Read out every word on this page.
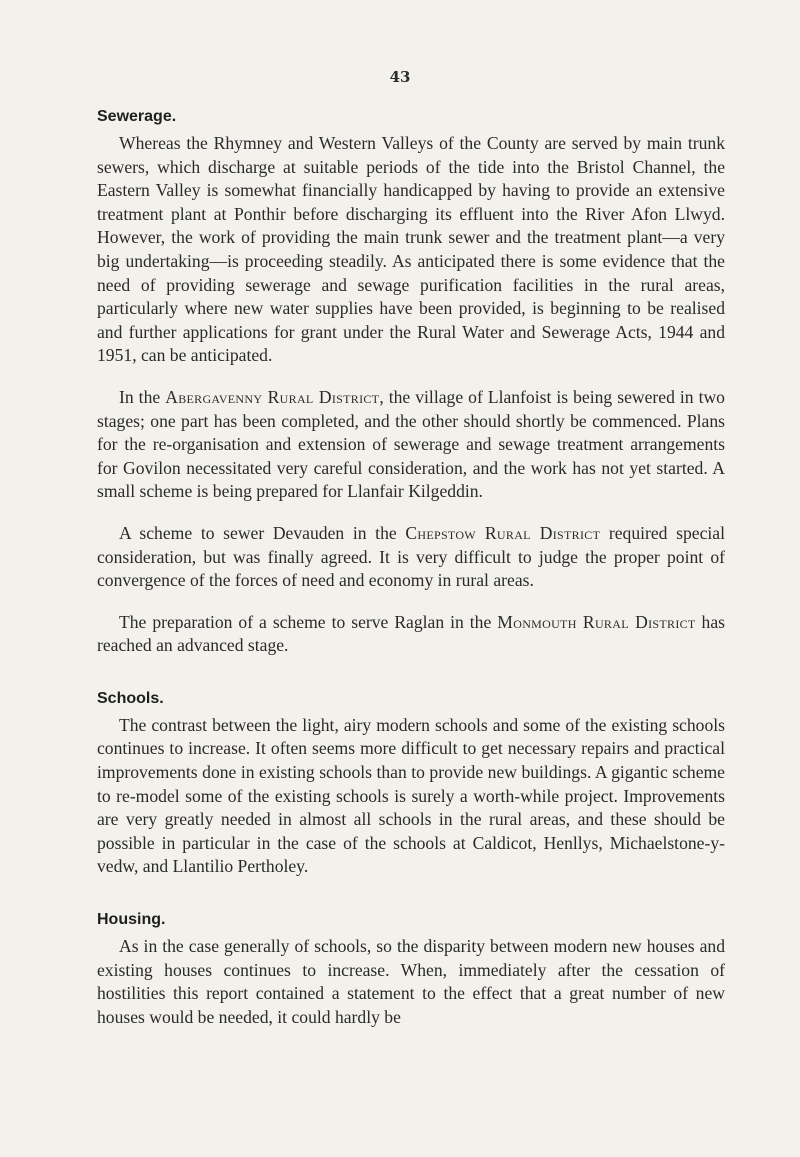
43
Sewerage.

Whereas the Rhymney and Western Valleys of the County are served by main trunk sewers, which discharge at suitable periods of the tide into the Bristol Channel, the Eastern Valley is somewhat financially handicapped by having to provide an extensive treatment plant at Ponthir before discharging its effluent into the River Afon Llwyd. However, the work of providing the main trunk sewer and the treatment plant—a very big undertaking—is proceeding steadily. As anticipated there is some evidence that the need of providing sewerage and sewage purification facilities in the rural areas, particularly where new water supplies have been provided, is beginning to be realised and further applications for grant under the Rural Water and Sewerage Acts, 1944 and 1951, can be anticipated.

In the Abergavenny Rural District, the village of Llanfoist is being sewered in two stages; one part has been completed, and the other should shortly be commenced. Plans for the re-organisation and extension of sewerage and sewage treatment arrangements for Govilon necessitated very careful consideration, and the work has not yet started. A small scheme is being prepared for Llanfair Kilgeddin.

A scheme to sewer Devauden in the Chepstow Rural District required special consideration, but was finally agreed. It is very difficult to judge the proper point of convergence of the forces of need and economy in rural areas.

The preparation of a scheme to serve Raglan in the Monmouth Rural District has reached an advanced stage.

Schools.

The contrast between the light, airy modern schools and some of the existing schools continues to increase. It often seems more difficult to get necessary repairs and practical improvements done in existing schools than to provide new buildings. A gigantic scheme to re-model some of the existing schools is surely a worth-while project. Improvements are very greatly needed in almost all schools in the rural areas, and these should be possible in particular in the case of the schools at Caldicot, Henllys, Michaelstone-y-vedw, and Llantilio Pertholey.

Housing.

As in the case generally of schools, so the disparity between modern new houses and existing houses continues to increase. When, immediately after the cessation of hostilities this report contained a statement to the effect that a great number of new houses would be needed, it could hardly be
